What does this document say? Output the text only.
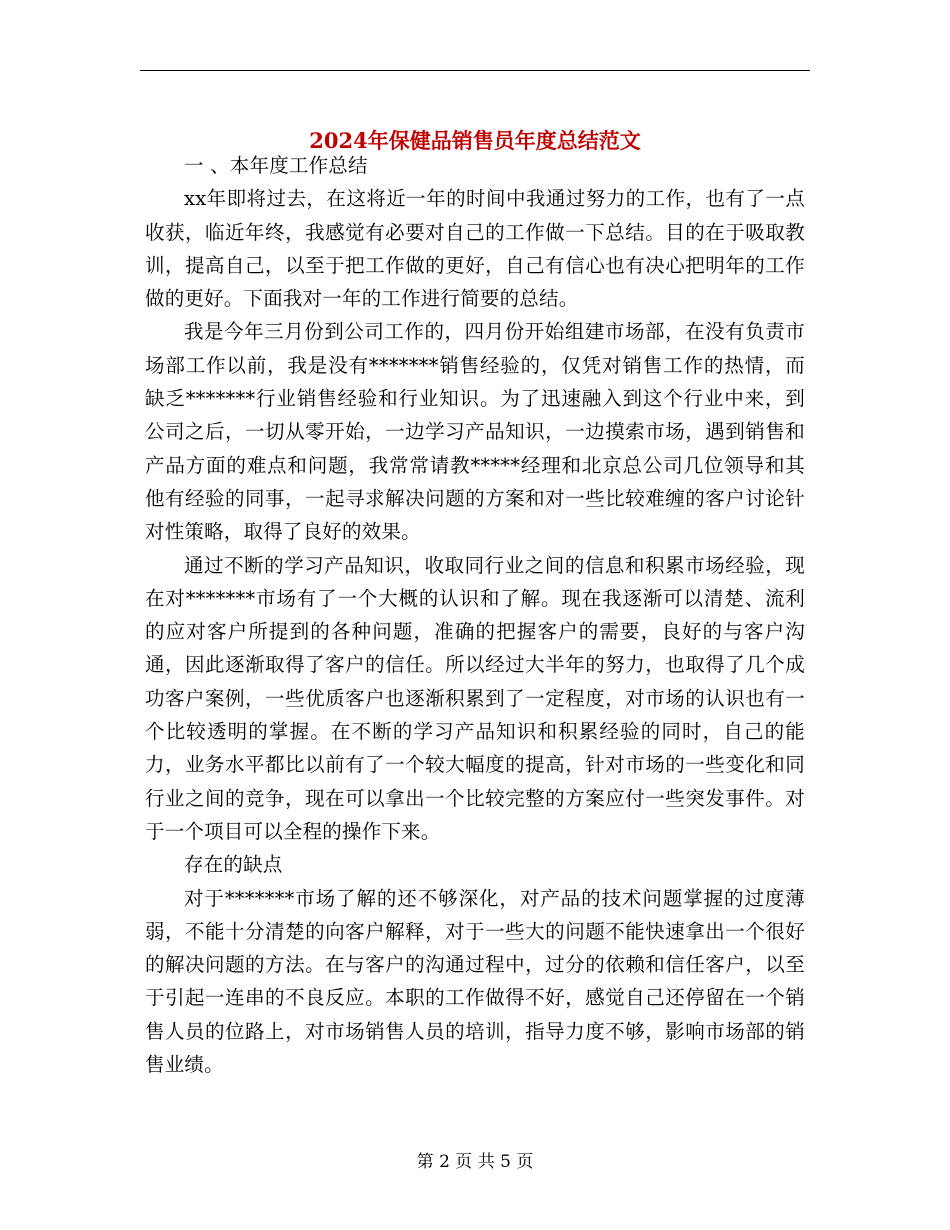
2024年保健品销售员年度总结范文

一 、本年度工作总结

xx年即将过去，在这将近一年的时间中我通过努力的工作，也有了一点收获，临近年终，我感觉有必要对自己的工作做一下总结。目的在于吸取教训，提高自己，以至于把工作做的更好，自己有信心也有决心把明年的工作做的更好。下面我对一年的工作进行简要的总结。

我是今年三月份到公司工作的，四月份开始组建市场部，在没有负责市场部工作以前，我是没有*******销售经验的，仅凭对销售工作的热情，而缺乏*******行业销售经验和行业知识。为了迅速融入到这个行业中来，到公司之后，一切从零开始，一边学习产品知识，一边摸索市场，遇到销售和产品方面的难点和问题，我常常请教*****经理和北京总公司几位领导和其他有经验的同事，一起寻求解决问题的方案和对一些比较难缠的客户讨论针对性策略，取得了良好的效果。

通过不断的学习产品知识，收取同行业之间的信息和积累市场经验，现在对*******市场有了一个大概的认识和了解。现在我逐渐可以清楚、流利的应对客户所提到的各种问题，准确的把握客户的需要，良好的与客户沟通，因此逐渐取得了客户的信任。所以经过大半年的努力，也取得了几个成功客户案例，一些优质客户也逐渐积累到了一定程度，对市场的认识也有一个比较透明的掌握。在不断的学习产品知识和积累经验的同时，自己的能力，业务水平都比以前有了一个较大幅度的提高，针对市场的一些变化和同行业之间的竞争，现在可以拿出一个比较完整的方案应付一些突发事件。对于一个项目可以全程的操作下来。

存在的缺点

对于*******市场了解的还不够深化，对产品的技术问题掌握的过度薄弱，不能十分清楚的向客户解释，对于一些大的问题不能快速拿出一个很好的解决问题的方法。在与客户的沟通过程中，过分的依赖和信任客户，以至于引起一连串的不良反应。本职的工作做得不好，感觉自己还停留在一个销售人员的位路上，对市场销售人员的培训，指导力度不够，影响市场部的销售业绩。

第 2 页 共 5 页
